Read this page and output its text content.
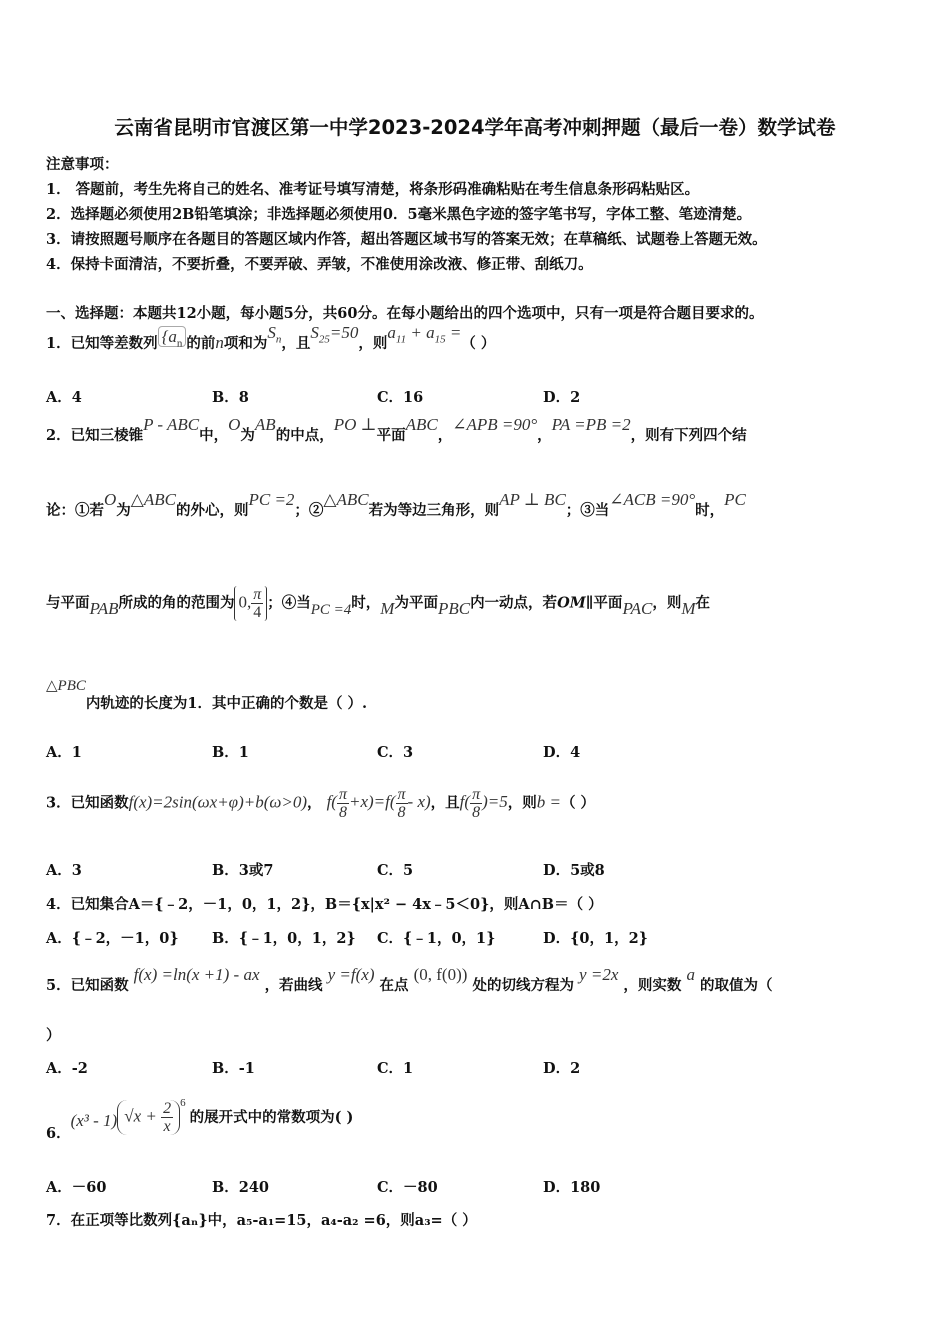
云南省昆明市官渡区第一中学2023-2024学年高考冲刺押题（最后一卷）数学试卷
注意事项：
1． 答题前，考生先将自己的姓名、准考证号填写清楚，将条形码准确粘贴在考生信息条形码粘贴区。
2．选择题必须使用2B铅笔填涂；非选择题必须使用0．5毫米黑色字迹的签字笔书写，字体工整、笔迹清楚。
3．请按照题号顺序在各题目的答题区域内作答，超出答题区域书写的答案无效；在草稿纸、试题卷上答题无效。
4．保持卡面清洁，不要折叠，不要弄破、弄皱，不准使用涂改液、修正带、刮纸刀。
一、选择题：本题共12小题，每小题5分，共60分。在每小题给出的四个选项中，只有一项是符合题目要求的。
1．已知等差数列 {$a_n$ 的前n项和为$S_n$，且$S_{25}=50$，则$a_{11} + a_{15}$ =（ ）
A．4	B．8	C．16	D．2
2．已知三棱锥P - ABC中，O为AB的中点，PO ⊥平面ABC，∠APB =90°，PA =PB =2，则有下列四个结
论：①若O为△ABC的外心，则PC =2；②△ABC若为等边三角形，则AP ⊥ BC；③当∠ACB =90°时，PC
与平面PAB所成的角的范围为 0, $\frac{\pi}{4}$ ；④当PC =4时，M为平面PBC内一动点，若OM∥平面PAC，则M在
△PBC内轨迹的长度为1．其中正确的个数是（ ）.
A．1	B．1	C．3	D．4
3．已知函数f(x)=2sin(ωx+φ)+b(ω>0)， $f( \frac{\pi}{8} +x)=f( \frac{\pi}{8} - x)$，且$f( \frac{\pi}{8} )=5$，则b =（ ）
A．3	B．3或7	C．5	D．5或8
4．已知集合A＝{﹣2，－1，0，1，2}，B＝{x|x² − 4x﹣5＜0}，则A∩B＝（ ）
A．{﹣2，－1，0} B．{﹣1，0，1，2} C．{﹣1，0，1}	D．{0，1，2}
5．已知函数 f(x) =ln(x +1) - ax ，若曲线 y =f(x) 在点 (0, f(0)) 处的切线方程为 y =2x ，则实数 a 的取值为（
）
A．-2	B．-1	C．1	D．2
6．(x³ - 1) $√x + \frac{2}{x} ^6$的展开式中的常数项为( )
A．－60	B．240	C．－80	D．180
7．在正项等比数列{aₙ}中，a₅-a₁=15，a₄-a₂ =6，则a₃=（ ）
